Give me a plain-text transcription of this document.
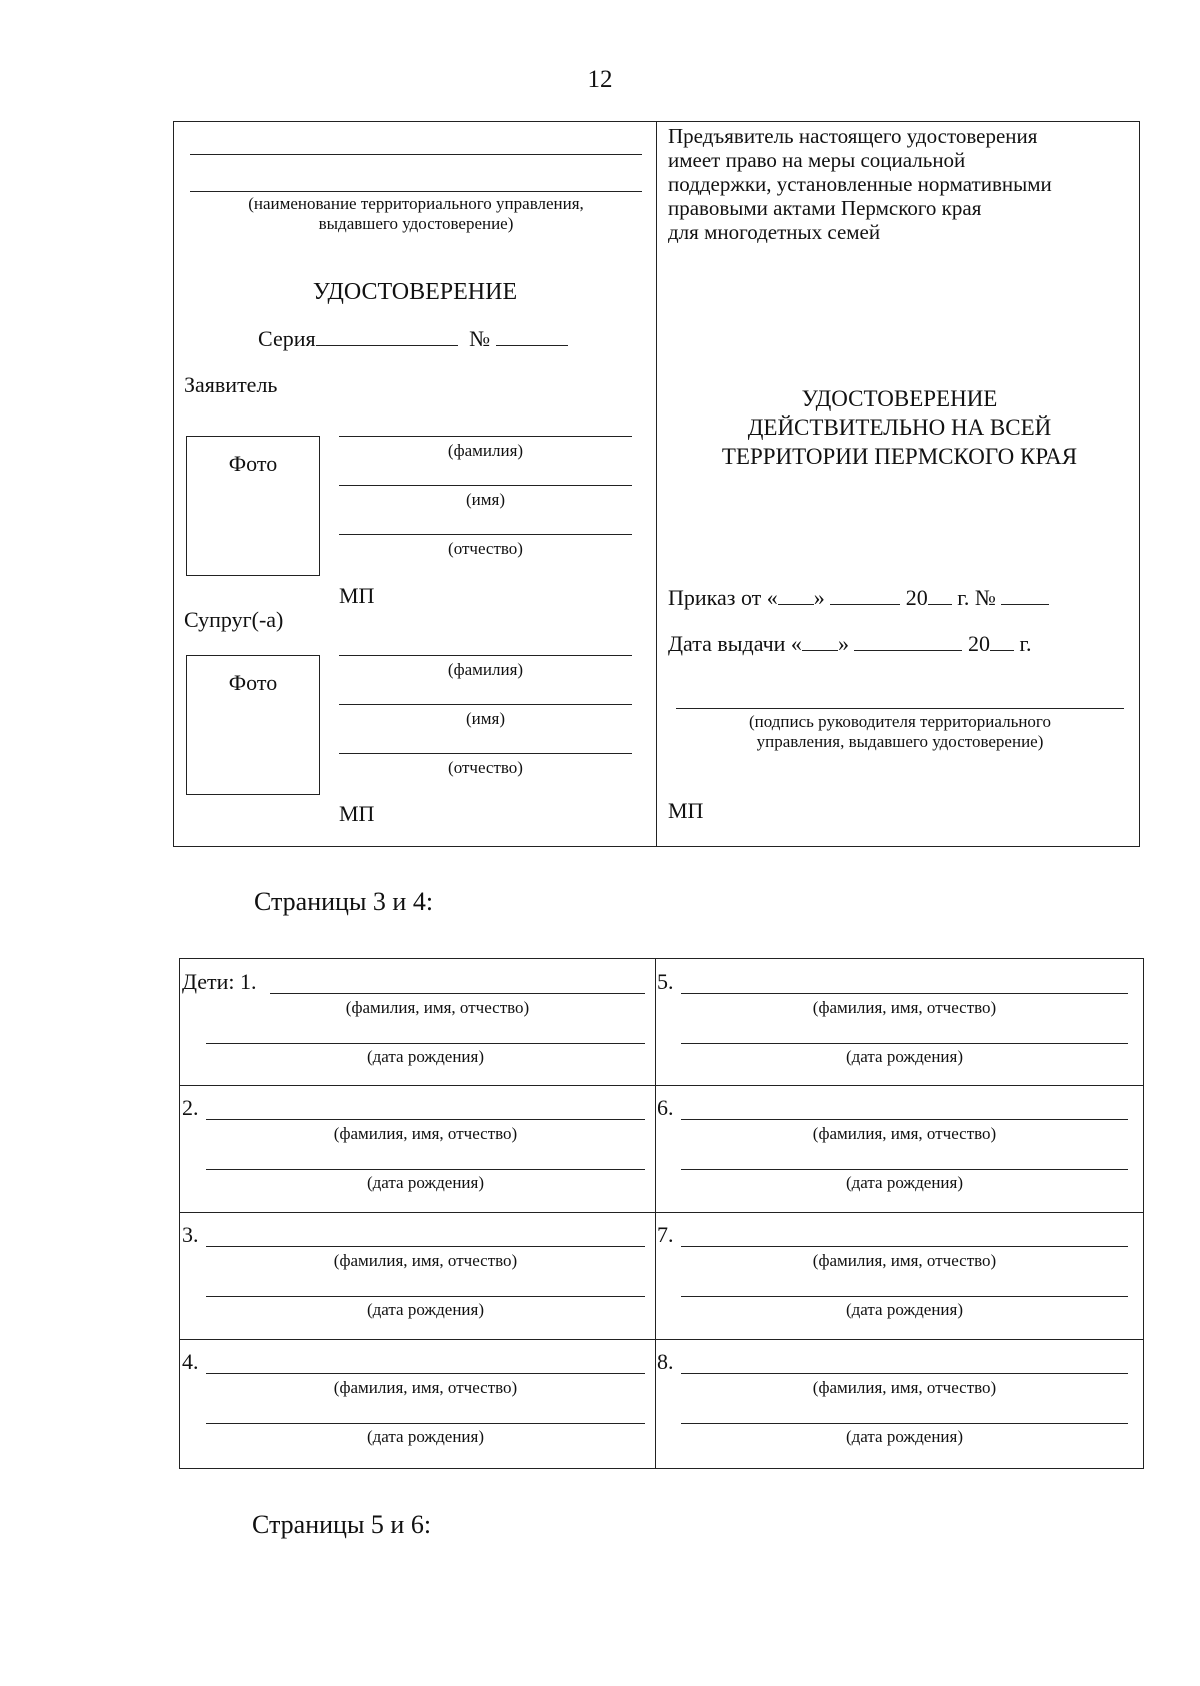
12
(наименование территориального управления,
выдавшего удостоверение)
УДОСТОВЕРЕНИЕ
Серия	№
Заявитель
Фото
(фамилия)
(имя)
(отчество)
МП
Супруг(-а)
Фото
(фамилия)
(имя)
(отчество)
МП
Предъявитель настоящего удостоверения
имеет право на меры социальной
поддержки, установленные нормативными
правовыми актами Пермского края
для многодетных семей
УДОСТОВЕРЕНИЕ
ДЕЙСТВИТЕЛЬНО НА ВСЕЙ
ТЕРРИТОРИИ ПЕРМСКОГО КРАЯ
Приказ от « »	20 г. №
Дата выдачи « »	20 г.
(подпись руководителя территориального
управления, выдавшего удостоверение)
МП
Страницы 3 и 4:
Дети: 1.
(фамилия, имя, отчество)
(дата рождения)
5.
(фамилия, имя, отчество)
(дата рождения)
2.
(фамилия, имя, отчество)
(дата рождения)
6.
(фамилия, имя, отчество)
(дата рождения)
3.
(фамилия, имя, отчество)
(дата рождения)
7.
(фамилия, имя, отчество)
(дата рождения)
4.
(фамилия, имя, отчество)
(дата рождения)
8.
(фамилия, имя, отчество)
(дата рождения)
Страницы 5 и 6:
